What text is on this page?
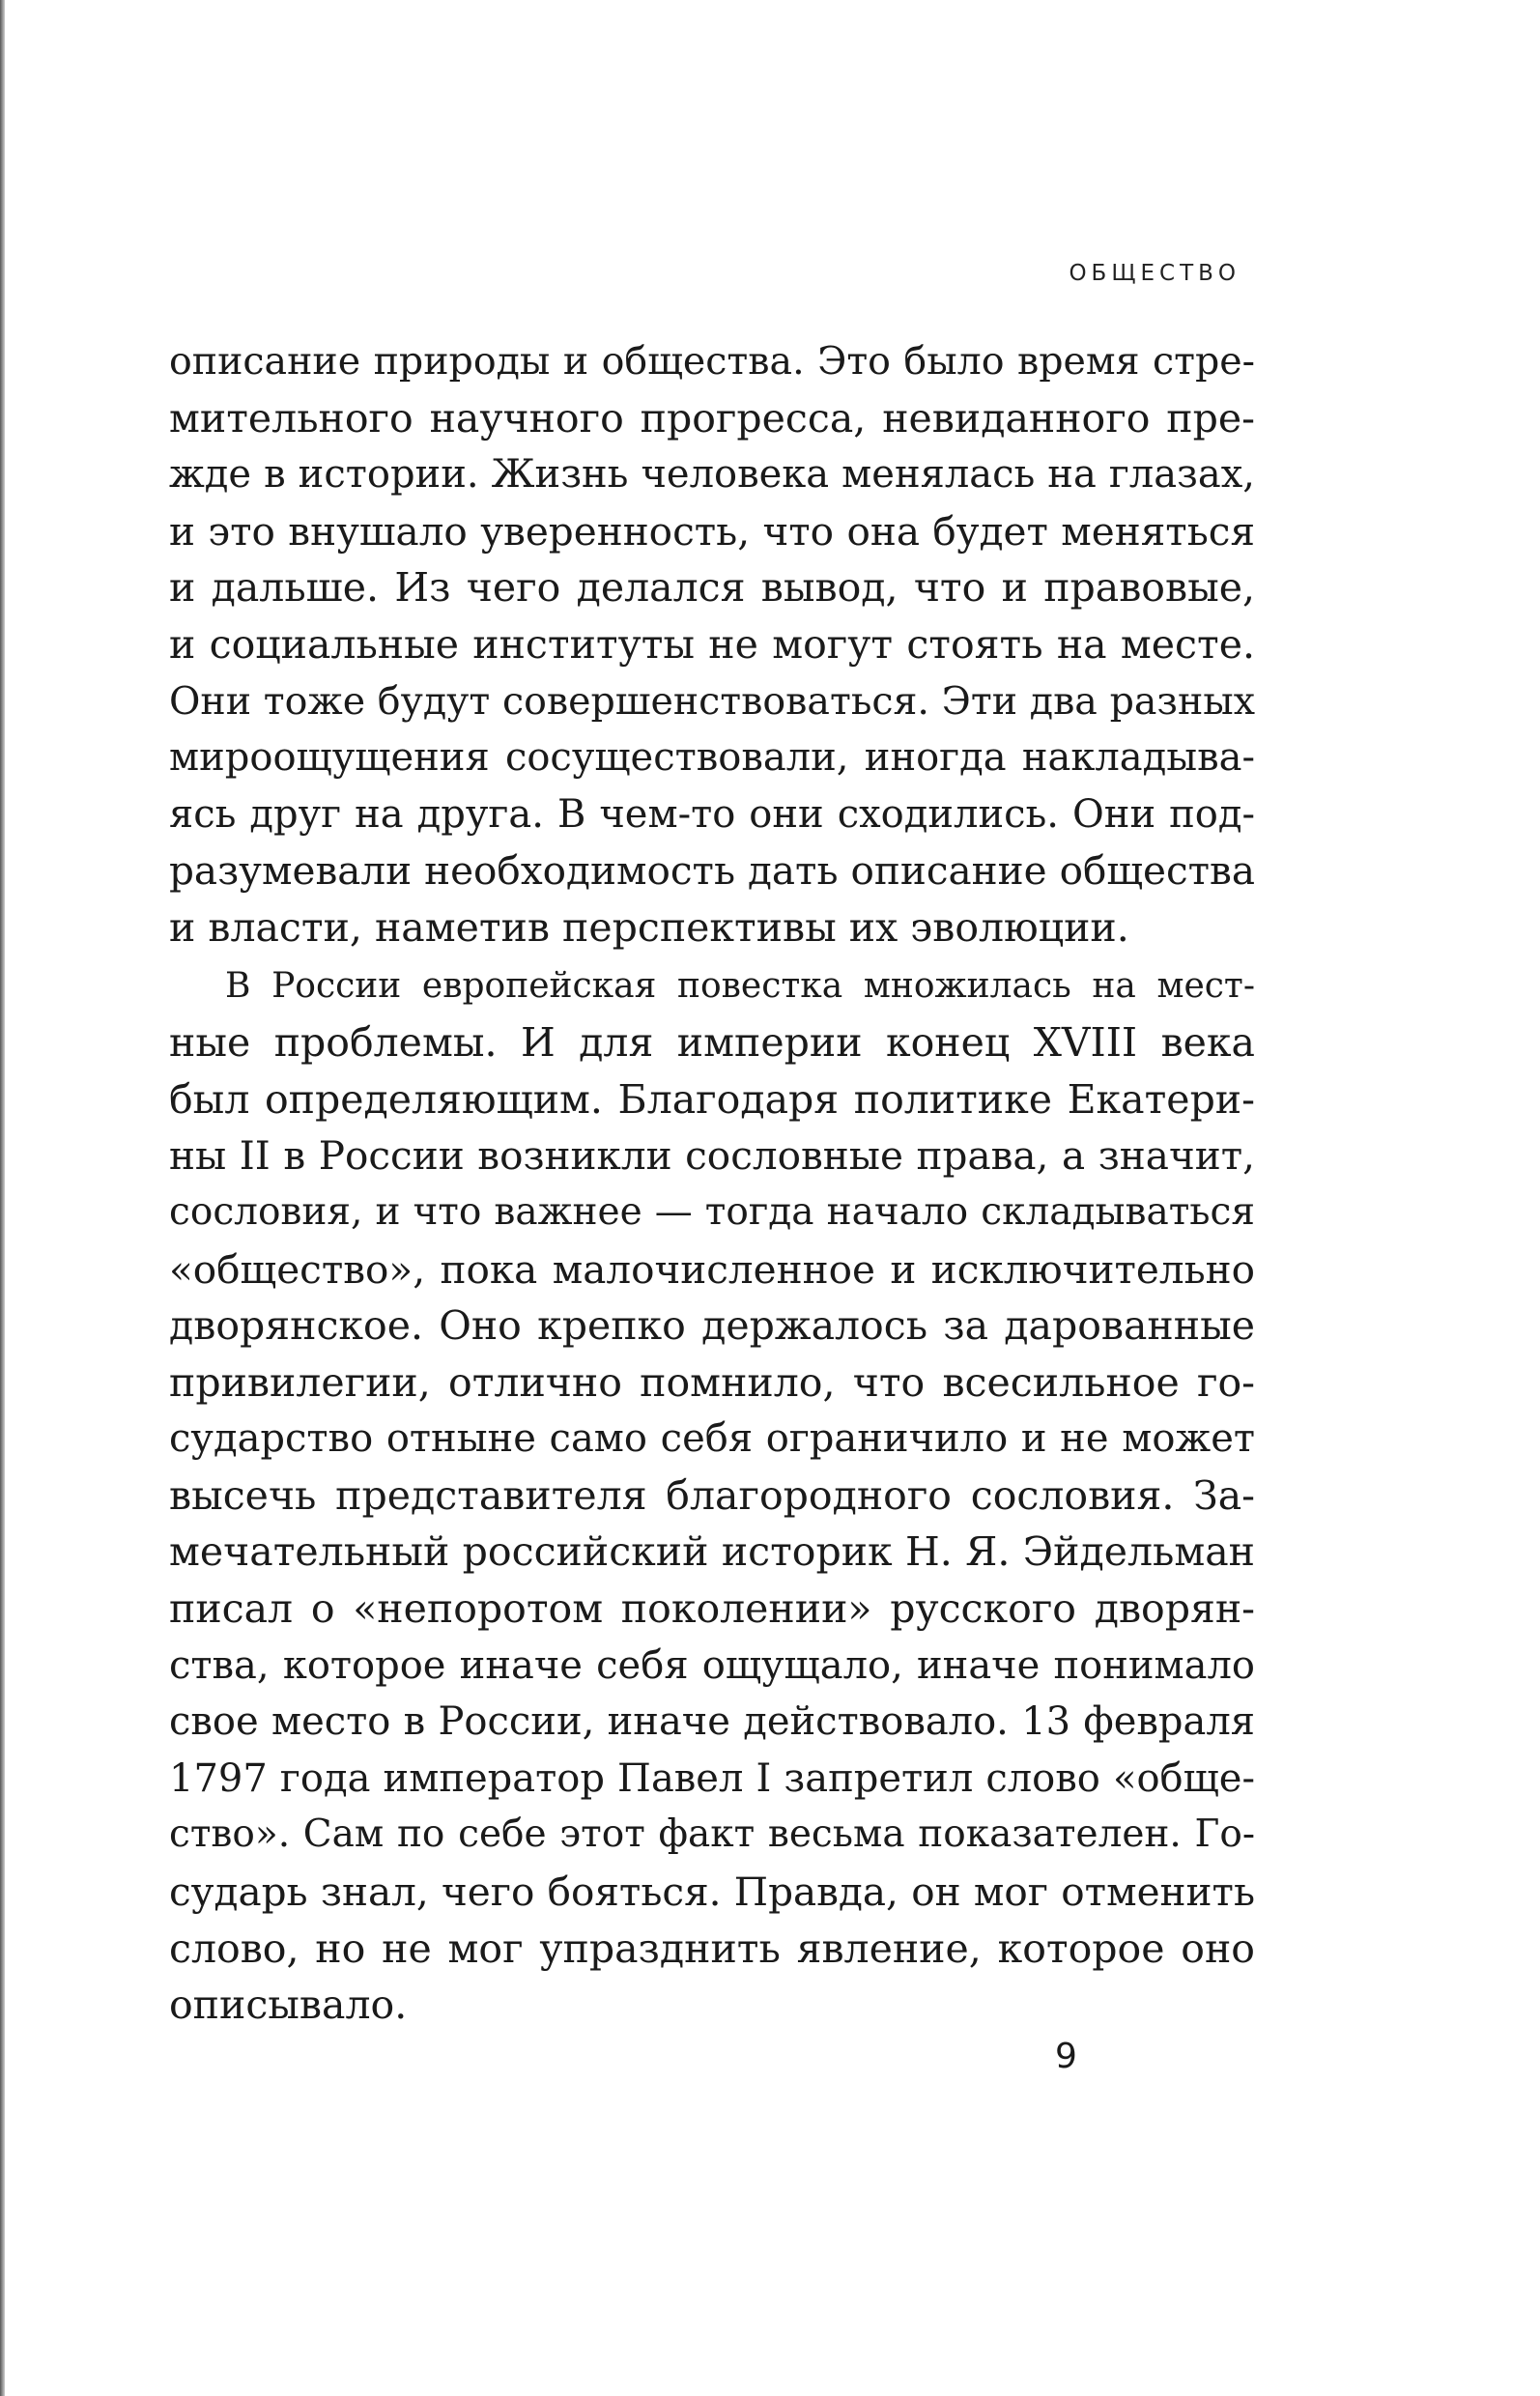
ОБЩЕСТВО
описание природы и общества. Это было время стре-
мительного научного прогресса, невиданного пре-
жде в истории. Жизнь человека менялась на глазах,
и это внушало уверенность, что она будет меняться
и дальше. Из чего делался вывод, что и правовые,
и социальные институты не могут стоять на месте.
Они тоже будут совершенствоваться. Эти два разных
мироощущения сосуществовали, иногда накладыва-
ясь друг на друга. В чем-то они сходились. Они под-
разумевали необходимость дать описание общества
и власти, наметив перспективы их эволюции.
В России европейская повестка множилась на мест-
ные проблемы. И для империи конец XVIII века
был определяющим. Благодаря политике Екатери-
ны II в России возникли сословные права, а значит,
сословия, и что важнее — тогда начало складываться
«общество», пока малочисленное и исключительно
дворянское. Оно крепко держалось за дарованные
привилегии, отлично помнило, что всесильное го-
сударство отныне само себя ограничило и не может
высечь представителя благородного сословия. За-
мечательный российский историк Н. Я. Эйдельман
писал о «непоротом поколении» русского дворян-
ства, которое иначе себя ощущало, иначе понимало
свое место в России, иначе действовало. 13 февраля
1797 года император Павел I запретил слово «обще-
ство». Сам по себе этот факт весьма показателен. Го-
сударь знал, чего бояться. Правда, он мог отменить
слово, но не мог упразднить явление, которое оно
описывало.
9
